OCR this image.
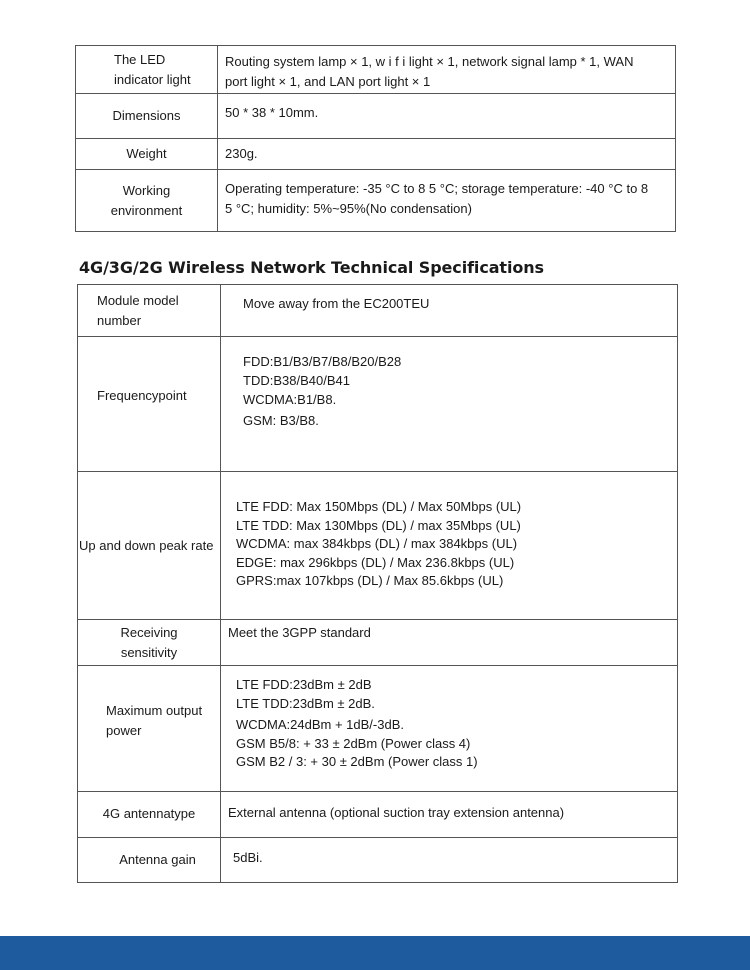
The LED
indicator light	Routing system lamp × 1, w i f i light × 1, network signal lamp * 1, WAN
port light × 1, and LAN port light × 1

Dimensions	50 * 38 * 10mm.

Weight	230g.

Working
environment	Operating temperature: -35 °C to 8 5 °C; storage temperature: -40 °C to 8
5 °C; humidity: 5%~95%(No condensation)
4G/3G/2G Wireless Network Technical Specifications
Module model
number	Move away from the EC200TEU

Frequencypoint	FDD:B1/B3/B7/B8/B20/B28
TDD:B38/B40/B41
WCDMA:B1/B8.
GSM: B3/B8.

Up and down peak rate	LTE FDD: Max 150Mbps (DL) / Max 50Mbps (UL)
LTE TDD: Max 130Mbps (DL) / max 35Mbps (UL)
WCDMA: max 384kbps (DL) / max 384kbps (UL)
EDGE: max 296kbps (DL) / Max 236.8kbps (UL)
GPRS:max 107kbps (DL) / Max 85.6kbps (UL)

Receiving
sensitivity	Meet the 3GPP standard

Maximum output
power	LTE FDD:23dBm ± 2dB
LTE TDD:23dBm ± 2dB.
WCDMA:24dBm + 1dB/-3dB.
GSM B5/8: + 33 ± 2dBm (Power class 4)
GSM B2 / 3: + 30 ± 2dBm (Power class 1)

4G antennatype	External antenna (optional suction tray extension antenna)

Antenna gain	5dBi.
